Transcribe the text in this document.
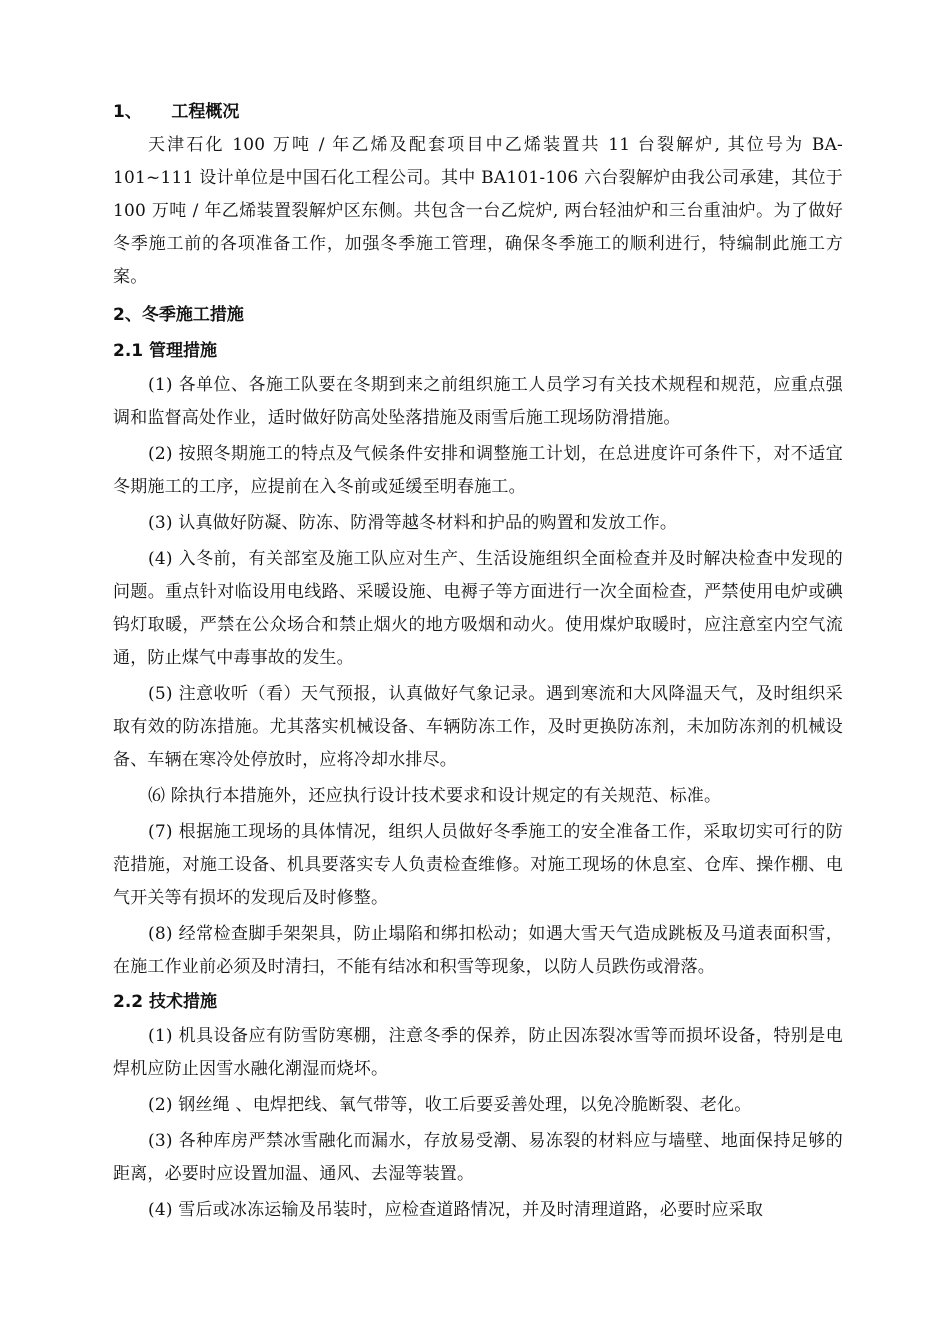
1、     工程概况

天津石化 100 万吨 / 年乙烯及配套项目中乙烯装置共 11 台裂解炉, 其位号为 BA-101~111 设计单位是中国石化工程公司。其中 BA101-106 六台裂解炉由我公司承建，其位于 100 万吨 / 年乙烯装置裂解炉区东侧。共包含一台乙烷炉, 两台轻油炉和三台重油炉。为了做好冬季施工前的各项准备工作，加强冬季施工管理，确保冬季施工的顺利进行，特编制此施工方案。

2、冬季施工措施
2.1 管理措施

(1) 各单位、各施工队要在冬期到来之前组织施工人员学习有关技术规程和规范，应重点强调和监督高处作业，适时做好防高处坠落措施及雨雪后施工现场防滑措施。

(2) 按照冬期施工的特点及气候条件安排和调整施工计划，在总进度许可条件下，对不适宜冬期施工的工序，应提前在入冬前或延缓至明春施工。

(3) 认真做好防凝、防冻、防滑等越冬材料和护品的购置和发放工作。

(4) 入冬前，有关部室及施工队应对生产、生活设施组织全面检查并及时解决检查中发现的问题。重点针对临设用电线路、采暖设施、电褥子等方面进行一次全面检查，严禁使用电炉或碘钨灯取暖，严禁在公众场合和禁止烟火的地方吸烟和动火。使用煤炉取暖时，应注意室内空气流通，防止煤气中毒事故的发生。

(5) 注意收听（看）天气预报，认真做好气象记录。遇到寒流和大风降温天气，及时组织采取有效的防冻措施。尤其落实机械设备、车辆防冻工作，及时更换防冻剂，未加防冻剂的机械设备、车辆在寒冷处停放时，应将冷却水排尽。

⑹ 除执行本措施外，还应执行设计技术要求和设计规定的有关规范、标准。

(7) 根据施工现场的具体情况，组织人员做好冬季施工的安全准备工作，采取切实可行的防范措施，对施工设备、机具要落实专人负责检查维修。对施工现场的休息室、仓库、操作棚、电气开关等有损坏的发现后及时修整。

(8) 经常检查脚手架架具，防止塌陷和绑扣松动；如遇大雪天气造成跳板及马道表面积雪，在施工作业前必须及时清扫，不能有结冰和积雪等现象，以防人员跌伤或滑落。

2.2 技术措施

(1) 机具设备应有防雪防寒棚，注意冬季的保养，防止因冻裂冰雪等而损坏设备，特别是电焊机应防止因雪水融化潮湿而烧坏。

(2) 钢丝绳 、电焊把线、氧气带等，收工后要妥善处理，以免冷脆断裂、老化。

(3) 各种库房严禁冰雪融化而漏水，存放易受潮、易冻裂的材料应与墙壁、地面保持足够的距离，必要时应设置加温、通风、去湿等装置。

(4) 雪后或冰冻运输及吊装时，应检查道路情况，并及时清理道路，必要时应采取
